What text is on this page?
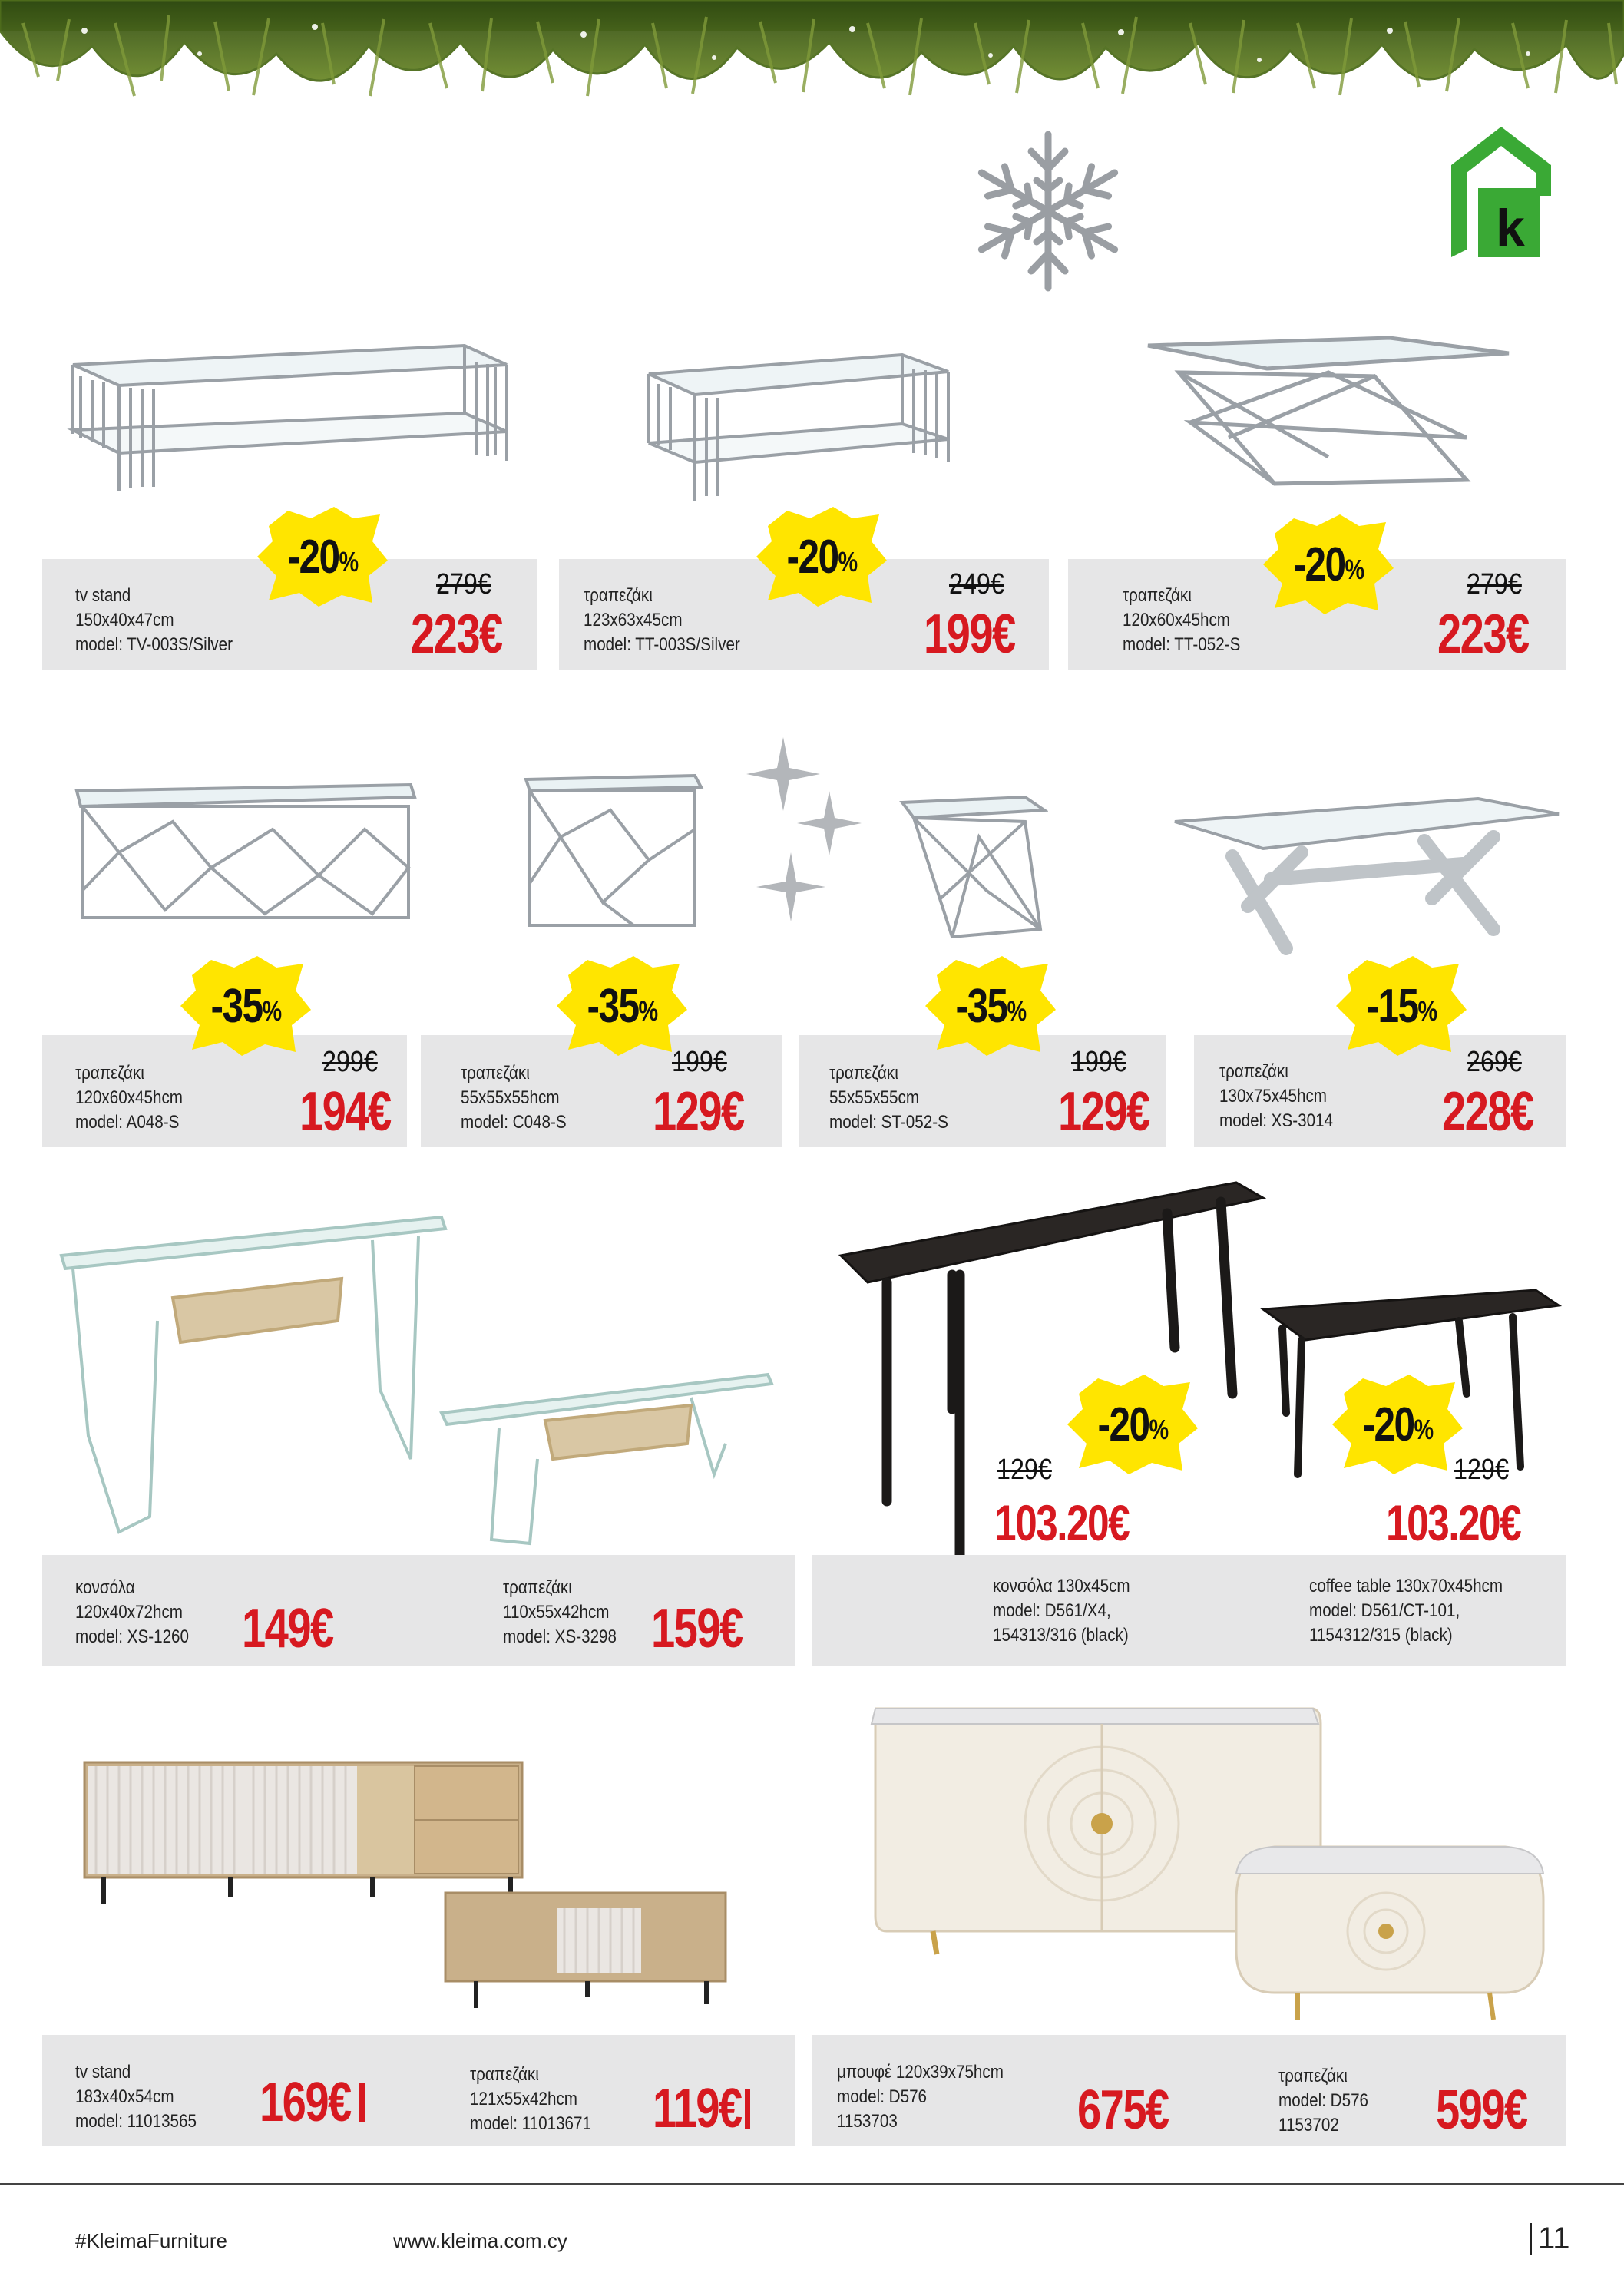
k
tv stand
150x40x47cm
model: TV-003S/Silver
279€
223€
τραπεζάκι
123x63x45cm
model: TT-003S/Silver
249€
199€
τραπεζάκι
120x60x45hcm
model: TT-052-S
279€
223€
-20 %	-20 %	-20 %
τραπεζάκι
120x60x45hcm
model: A048-S
299€
194€
τραπεζάκι
55x55x55hcm
model: C048-S
199€
129€
τραπεζάκι
55x55x55cm
model: ST-052-S
199€
129€
τραπεζάκι
130x75x45hcm
model: XS-3014
269€
228€
-35 %	-35 %	-35 %	-15 %
κονσόλα
120x40x72hcm
model: XS-1260 149€
τραπεζάκι
110x55x42hcm
model: XS-3298 159€
129€
103.20€
κονσόλα 130x45cm
model: D561/X4,
154313/316 (black)
129€
103.20€
coffee table 130x70x45hcm
model: D561/CT-101,
1154312/315 (black)
-20 %	-20 %
tv stand
183x40x54cm
model: 11013565 169€	τραπεζάκι
121x55x42hcm
model: 11013671 119€
μπουφέ 120x39x75hcm
model: D576
1153703	675€
τραπεζάκι
model: D576
1153702	599€
#KleimaFurniture	www.kleima.com.cy	11
